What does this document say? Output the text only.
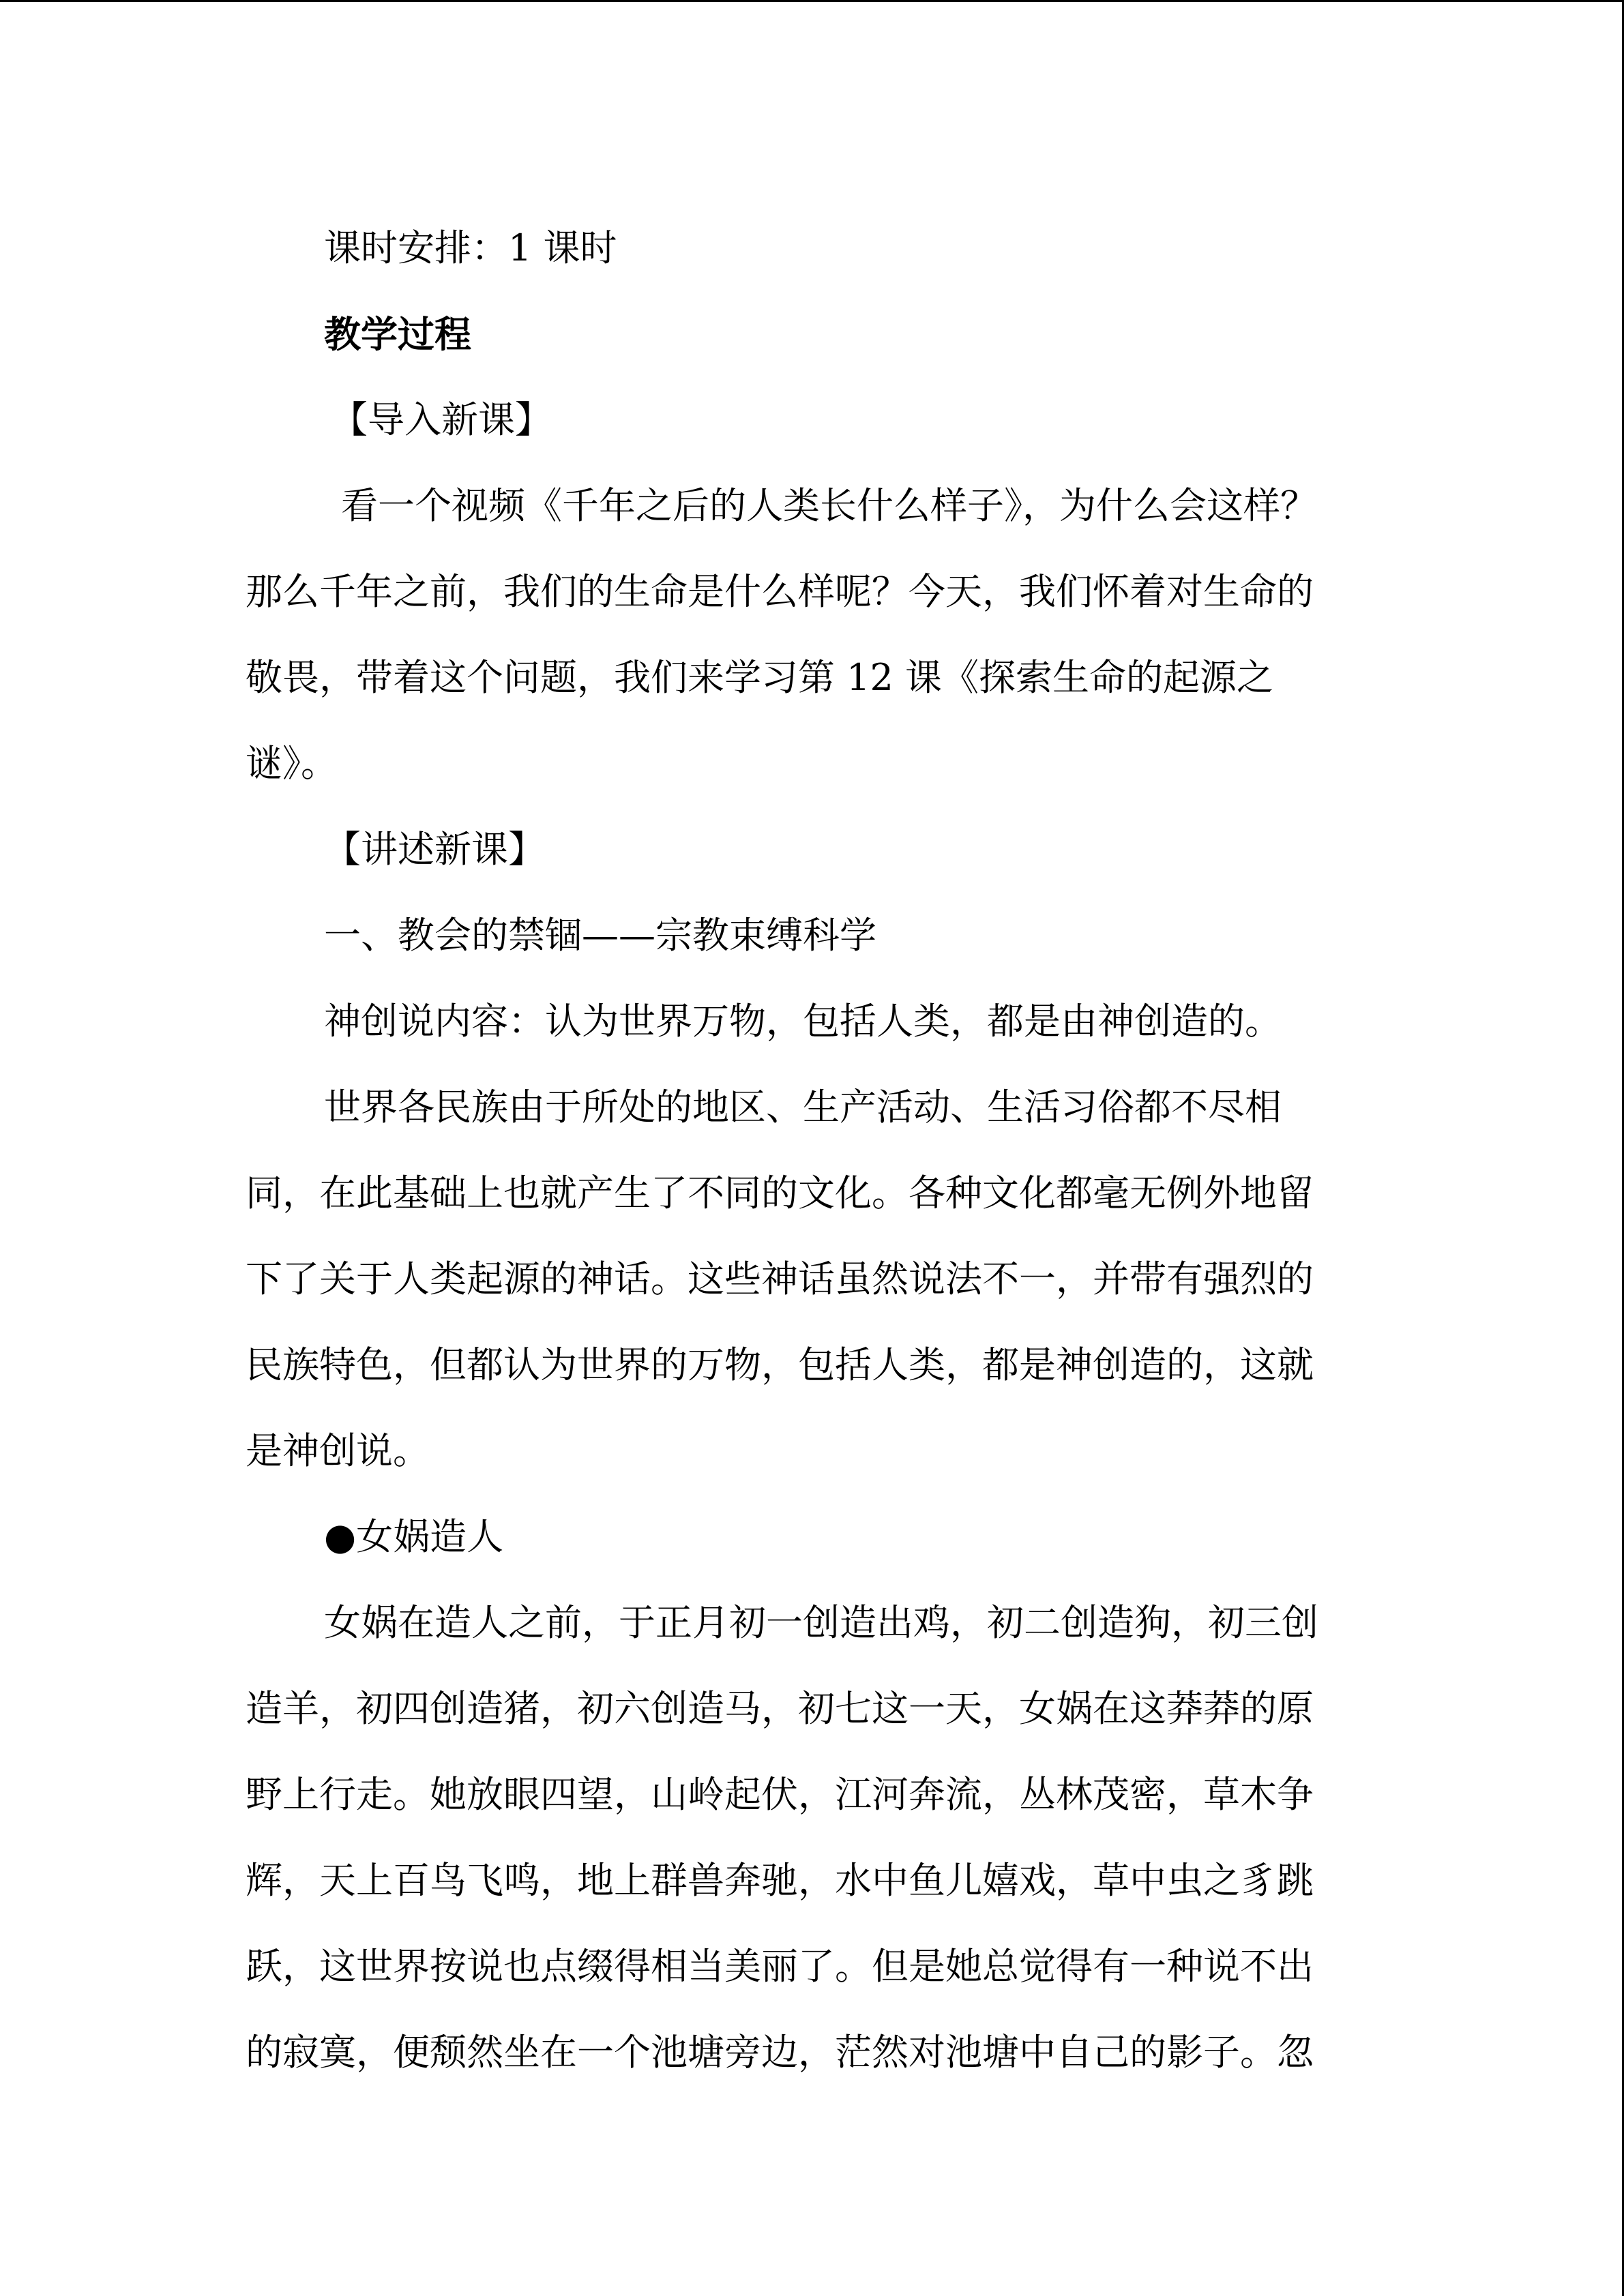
课时安排：1 课时

教学过程

【导入新课】

看一个视频《千年之后的人类长什么样子》，为什么会这样？

那么千年之前，我们的生命是什么样呢？今天，我们怀着对生命的

敬畏，带着这个问题，我们来学习第 12 课《探索生命的起源之

谜》。

【讲述新课】

一、教会的禁锢——宗教束缚科学

神创说内容：认为世界万物，包括人类，都是由神创造的。

世界各民族由于所处的地区、生产活动、生活习俗都不尽相

同，在此基础上也就产生了不同的文化。各种文化都毫无例外地留

下了关于人类起源的神话。这些神话虽然说法不一，并带有强烈的

民族特色，但都认为世界的万物，包括人类，都是神创造的，这就

是神创说。

●女娲造人

女娲在造人之前，于正月初一创造出鸡，初二创造狗，初三创

造羊，初四创造猪，初六创造马，初七这一天，女娲在这莽莽的原

野上行走。她放眼四望，山岭起伏，江河奔流，丛林茂密，草木争

辉，天上百鸟飞鸣，地上群兽奔驰，水中鱼儿嬉戏，草中虫之豸跳

跃，这世界按说也点缀得相当美丽了。但是她总觉得有一种说不出

的寂寞，便颓然坐在一个池塘旁边，茫然对池塘中自己的影子。忽
